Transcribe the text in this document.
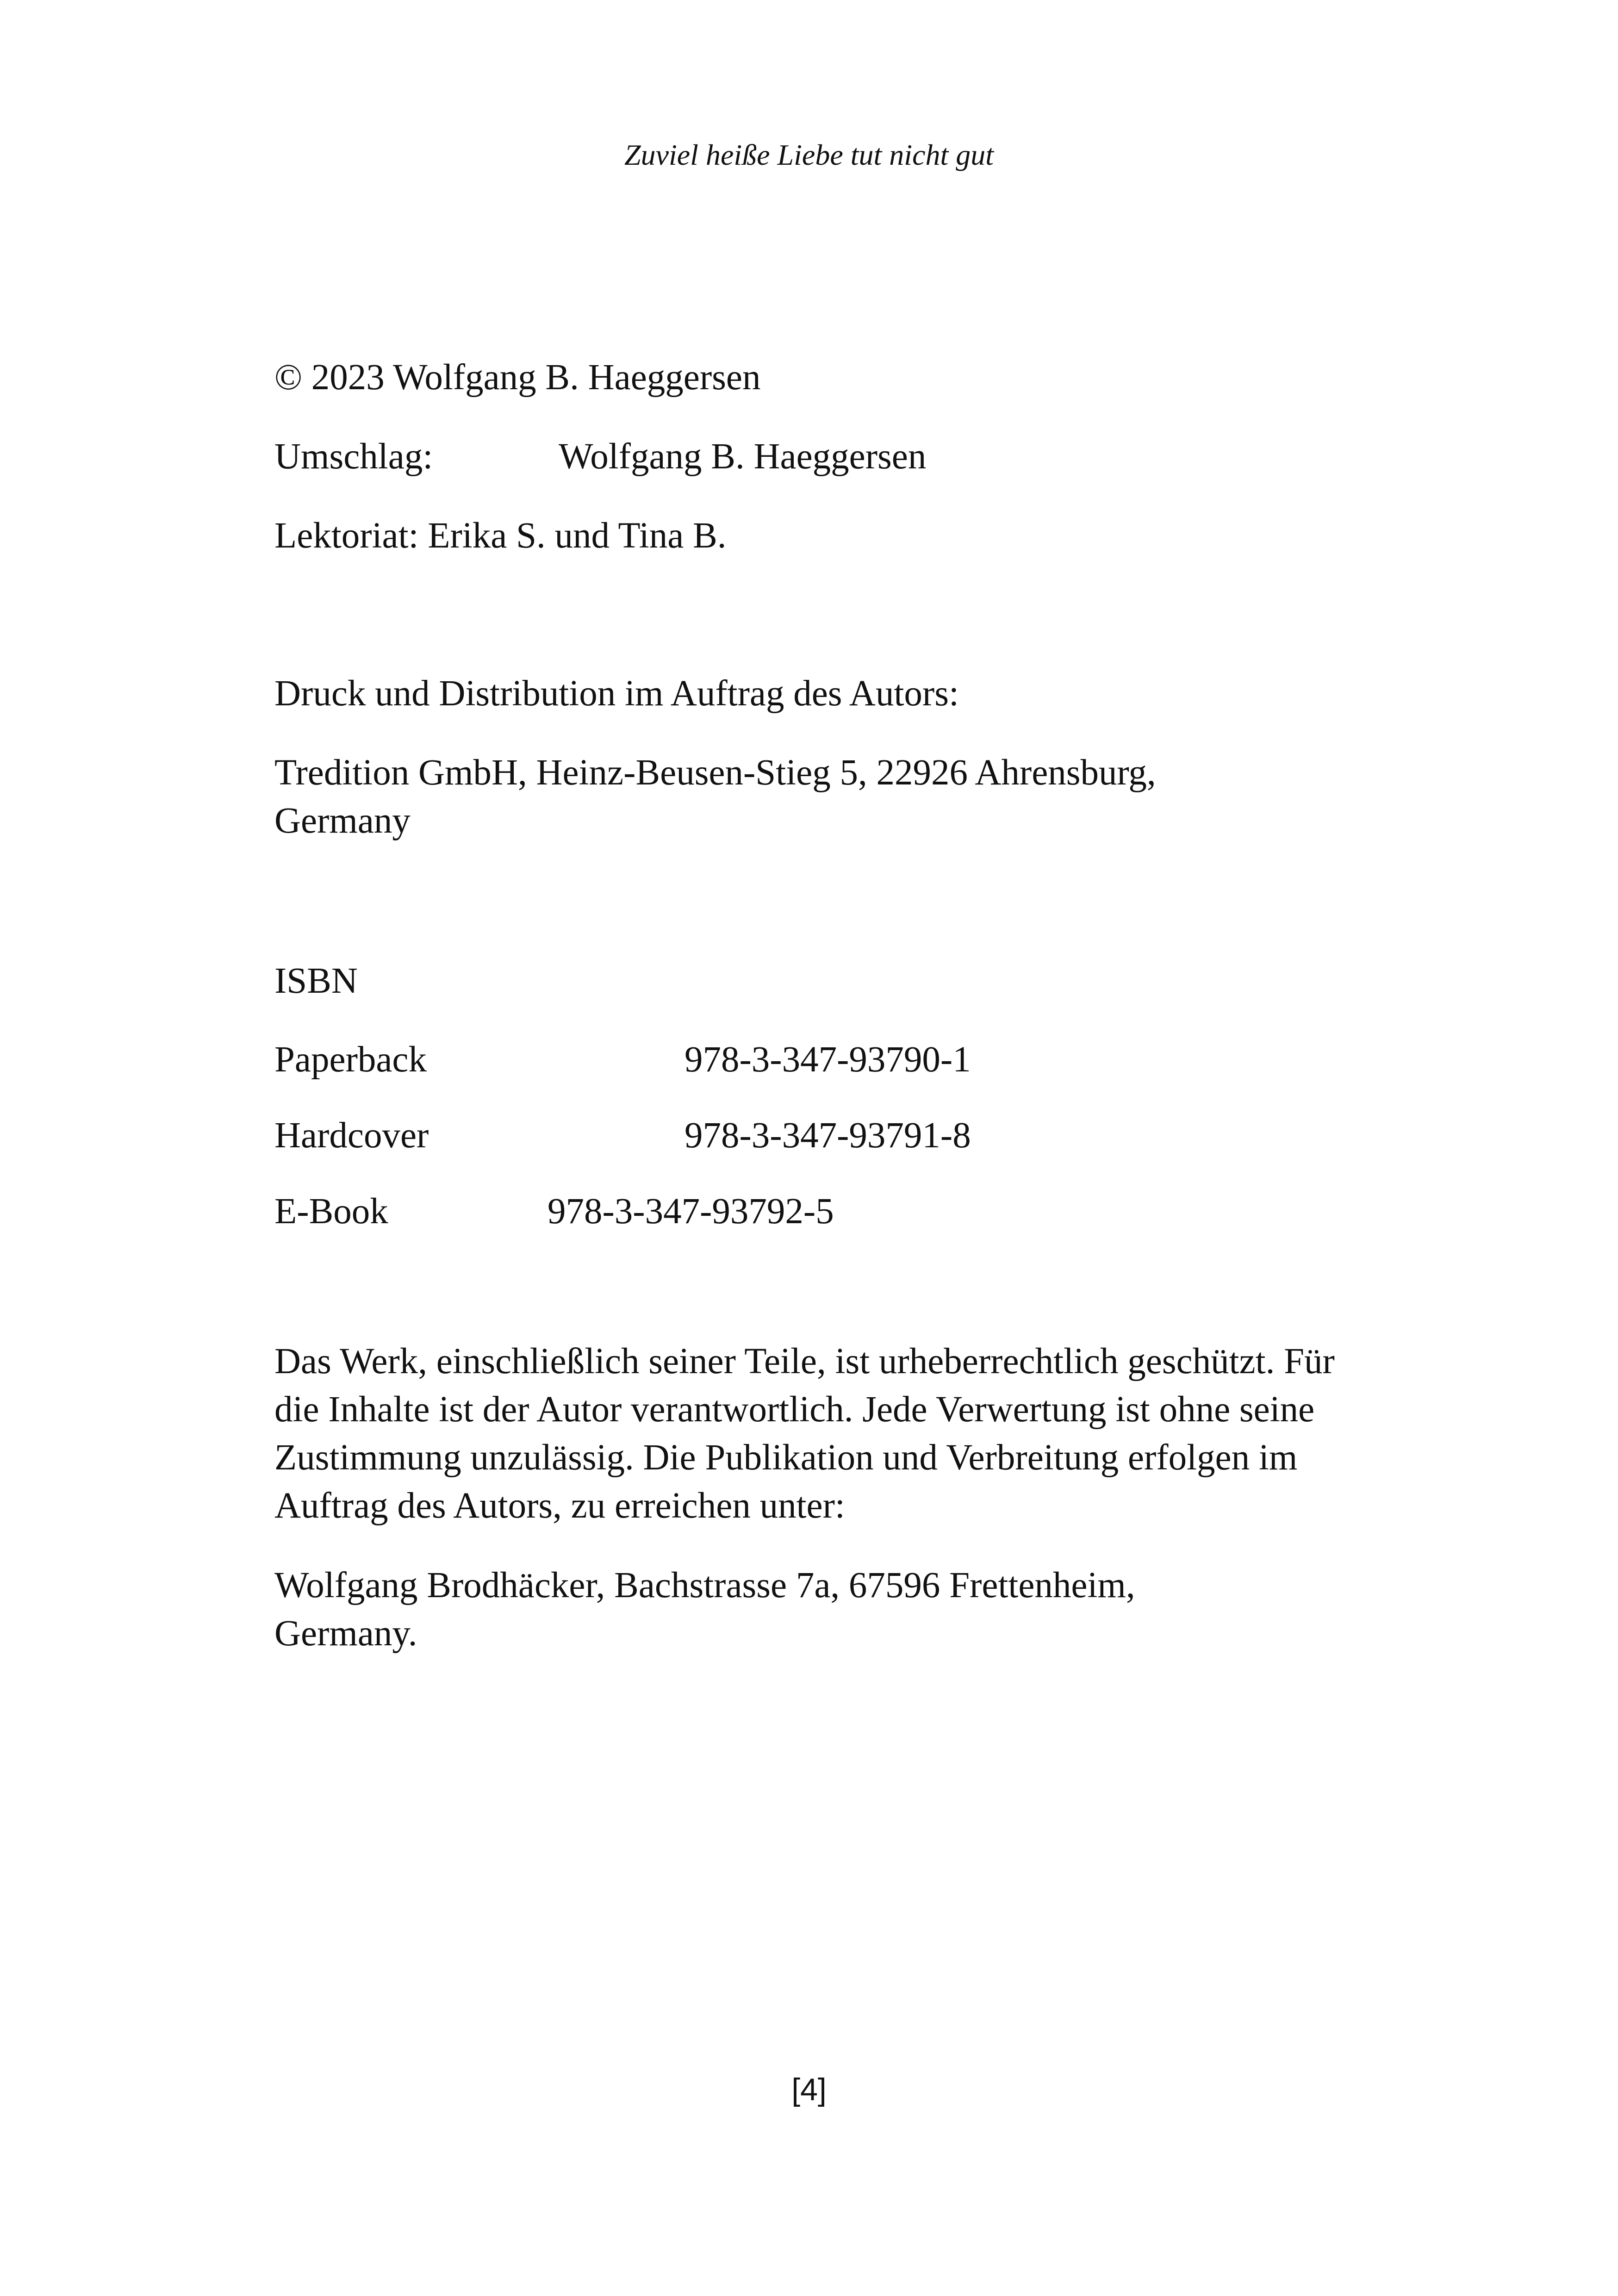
Zuviel heiße Liebe tut nicht gut
© 2023 Wolfgang B. Haeggersen
Umschlag:	Wolfgang B. Haeggersen
Lektoriat: Erika S. und Tina B.
Druck und Distribution im Auftrag des Autors:
Tredition GmbH, Heinz-Beusen-Stieg 5, 22926 Ahrensburg, Germany
ISBN
Paperback	978-3-347-93790-1
Hardcover	978-3-347-93791-8
E-Book	978-3-347-93792-5
Das Werk, einschließlich seiner Teile, ist urheberrechtlich geschützt. Für die Inhalte ist der Autor verantwortlich. Jede Verwertung ist ohne seine Zustimmung unzulässig. Die Publikation und Verbreitung erfolgen im Auftrag des Autors, zu erreichen unter:
Wolfgang Brodhäcker, Bachstrasse 7a, 67596 Frettenheim, Germany.
[4]
